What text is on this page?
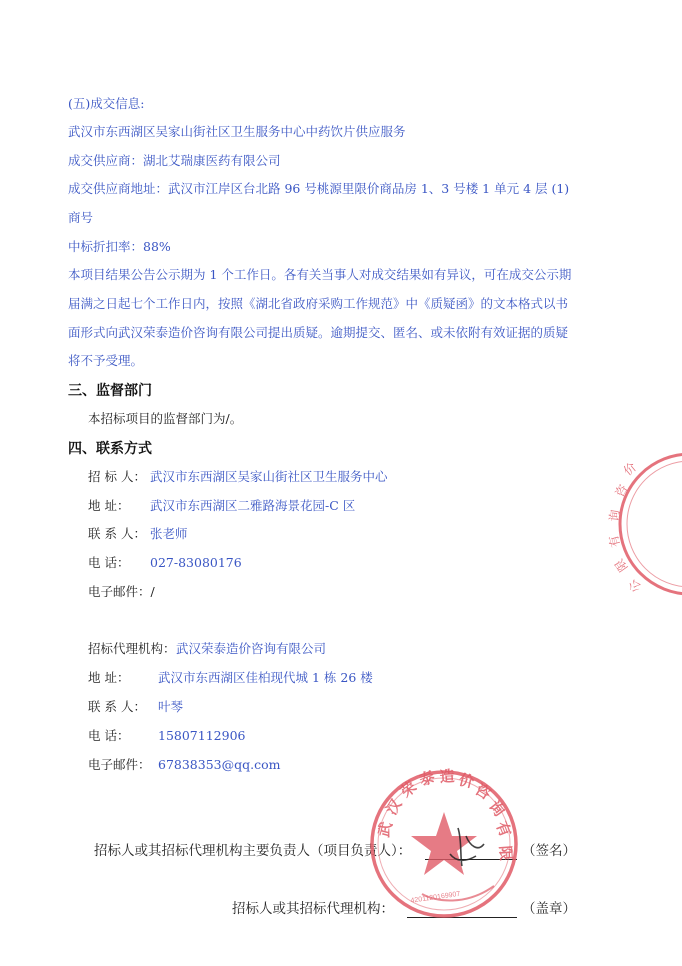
(五)成交信息:
武汉市东西湖区吴家山街社区卫生服务中心中药饮片供应服务
成交供应商：湖北艾瑞康医药有限公司
成交供应商地址：武汉市江岸区台北路 96 号桃源里限价商品房 1、3 号楼 1 单元 4 层 (1)
商号
中标折扣率：88%
本项目结果公告公示期为 1 个工作日。各有关当事人对成交结果如有异议，可在成交公示期
届满之日起七个工作日内，按照《湖北省政府采购工作规范》中《质疑函》的文本格式以书
面形式向武汉荣泰造价咨询有限公司提出质疑。逾期提交、匿名、或未依附有效证据的质疑
将不予受理。
三、监督部门
本招标项目的监督部门为/。
四、联系方式
招 标 人： 武汉市东西湖区吴家山街社区卫生服务中心
地 址： 武汉市东西湖区二雅路海景花园-C 区
联 系 人： 张老师
电 话： 027-83080176
电子邮件：/
招标代理机构： 武汉荣泰造价咨询有限公司
地 址： 武汉市东西湖区佳柏现代城 1 栋 26 楼
联 系 人： 叶琴
电 话： 15807112906
电子邮件： 67838353@qq.com
招标人或其招标代理机构主要负责人（项目负责人）：	（签名）
招标人或其招标代理机构：	（盖章）
价
咨
询
有
限
公
武
汉
荣
泰 造 价
咨
询
有
限
4201120169907
